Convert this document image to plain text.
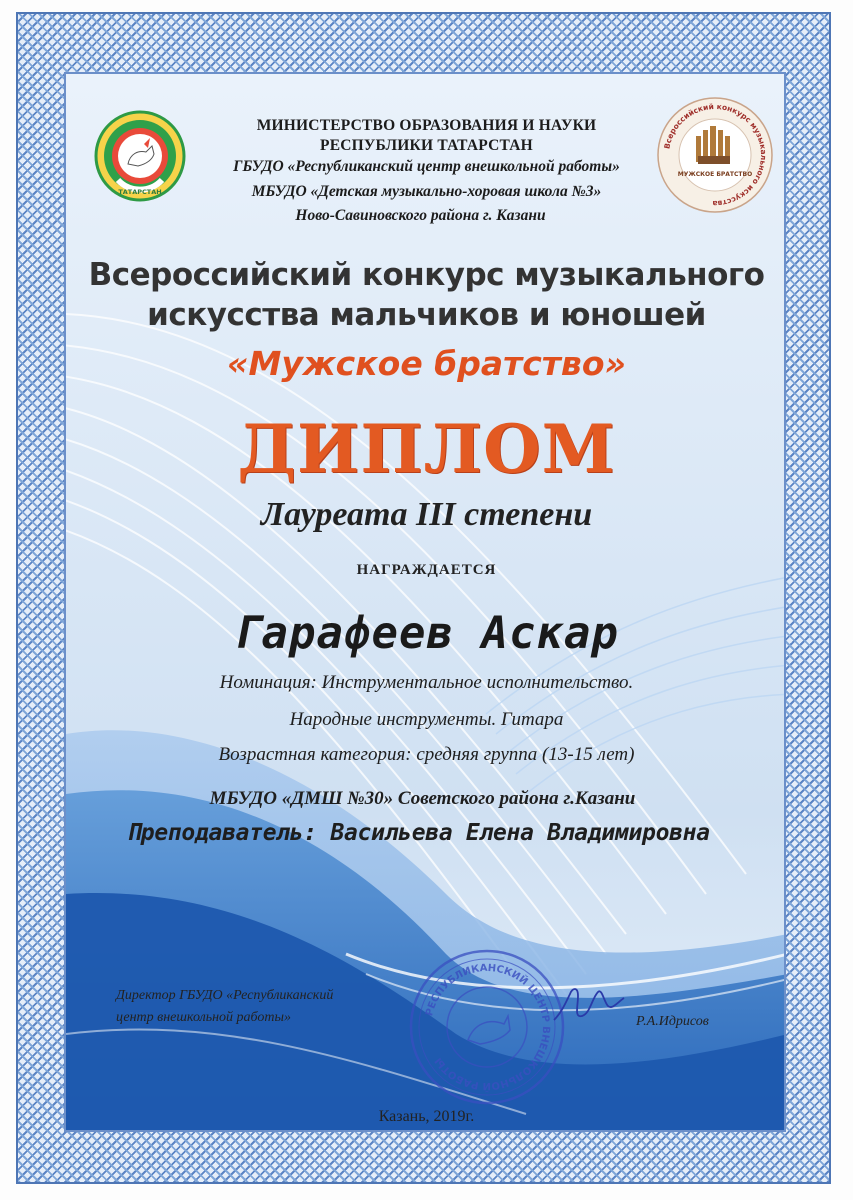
ТАТАРСТАН
МУЖСКОЕ БРАТСТВО
Всероссийский конкурс музыкального искусства
МИНИСТЕРСТВО ОБРАЗОВАНИЯ И НАУКИ
РЕСПУБЛИКИ ТАТАРСТАН
ГБУДО «Республиканский центр внешкольной работы»
МБУДО «Детская музыкально-хоровая школа №3»
Ново-Савиновского района г. Казани
Всероссийский конкурс музыкального
искусства мальчиков и юношей
«Мужское братство»
ДИПЛОМ
Лауреата III степени
НАГРАЖДАЕТСЯ
Гарафеев Аскар
Номинация: Инструментальное исполнительство.
Народные инструменты. Гитара
Возрастная категория: средняя группа (13-15 лет)
МБУДО «ДМШ №30» Советского района г.Казани
Преподаватель: Васильева Елена Владимировна
Директор ГБУДО «Республиканский
центр внешкольной работы»	РЕСПУБЛИКАНСКИЙ ЦЕНТР ВНЕШКОЛЬНОЙ РАБОТЫ
Р.А.Идрисов
Казань, 2019г.
